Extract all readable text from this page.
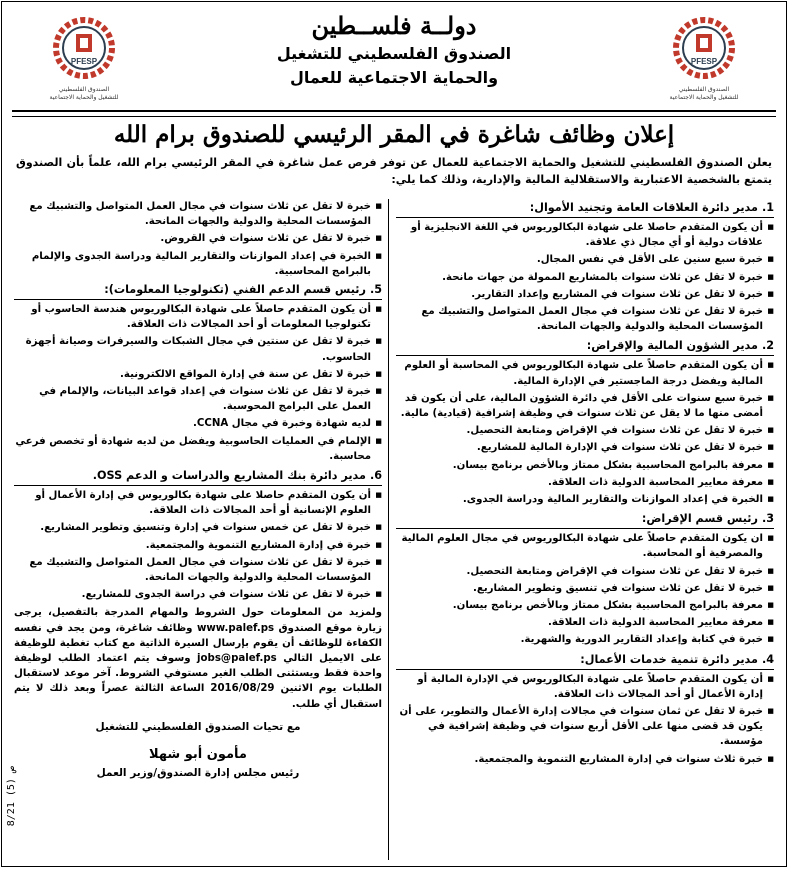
PFESP
الصندوق الفلسطيني
للتشغيل والحماية الاجتماعية
PFESP
الصندوق الفلسطيني
للتشغيل والحماية الاجتماعية
دولــة فلســطين
الصندوق الفلسطيني للتشغيل
والحماية الاجتماعية للعمال
إعلان وظائف شاغرة في المقر الرئيسي للصندوق برام الله
يعلن الصندوق الفلسطيني للتشغيل والحماية الاجتماعية للعمال عن توفر فرص عمل شاغرة في المقر الرئيسي برام الله، علماً بأن الصندوق يتمتع بالشخصية الاعتبارية والاستقلالية المالية والإدارية، وذلك كما يلي:
1.مدير دائرة العلاقات العامة وتجنيد الأموال:
■ أن يكون المتقدم حاصلا على شهادة البكالوريوس في اللغة الانجليزية أو علاقات دولية أو أي مجال ذي علاقة.
■ خبرة سبع سنين على الأقل في نفس المجال.
■ خبرة لا تقل عن ثلاث سنوات بالمشاريع الممولة من جهات مانحة.
■ خبرة لا تقل عن ثلاث سنوات في المشاريع وإعداد التقارير.
■ خبرة لا تقل عن ثلاث سنوات في مجال العمل المتواصل والتشبيك مع المؤسسات المحلية والدولية والجهات المانحة.
2.مدير الشؤون المالية والإقراض:
■ أن يكون المتقدم حاصلاً على شهادة البكالوريوس في المحاسبة أو العلوم المالية ويفضل درجة الماجستير في الإدارة المالية.
■ خبرة سبع سنوات على الأقل في دائرة الشؤون المالية، على أن يكون قد أمضى منها ما لا يقل عن ثلاث سنوات في وظيفة إشرافية (قيادية) مالية.
■ خبرة لا تقل عن ثلاث سنوات في الإقراض ومتابعة التحصيل.
■ خبرة لا تقل عن ثلاث سنوات في الإدارة المالية للمشاريع.
■ معرفة بالبرامج المحاسبية بشكل ممتاز وبالأخص برنامج بيسان.
■ معرفة معايير المحاسبة الدولية ذات العلاقة.
■ الخبرة في إعداد الموازنات والتقارير المالية ودراسة الجدوى.
3.رئيس قسم الإقراض:
■ ان يكون المتقدم حاصلاً على شهادة البكالوريوس في مجال العلوم المالية والمصرفية أو المحاسبة.
■ خبرة لا تقل عن ثلاث سنوات في الإقراض ومتابعة التحصيل.
■ خبرة لا تقل عن ثلاث سنوات في تنسيق وتطوير المشاريع.
■ معرفة بالبرامج المحاسبية بشكل ممتاز وبالأخص برنامج بيسان.
■ معرفة معايير المحاسبة الدولية ذات العلاقة.
■ خبرة في كتابة وإعداد التقارير الدورية والشهرية.
4.مدير دائرة تنمية خدمات الأعمال:
■ أن يكون المتقدم حاصلاً على شهادة البكالوريوس في الإدارة المالية أو إدارة الأعمال أو أحد المجالات ذات العلاقة.
■ خبرة لا تقل عن ثمان سنوات في مجالات إدارة الأعمال والتطوير، على أن يكون قد قضى منها على الأقل أربع سنوات في وظيفة إشرافية في مؤسسة.
■ خبرة ثلاث سنوات في إدارة المشاريع التنموية والمجتمعية.
■ خبرة لا تقل عن ثلاث سنوات في مجال العمل المتواصل والتشبيك مع المؤسسات المحلية والدولية والجهات المانحة.
■ خبرة لا تقل عن ثلاث سنوات في القروض.
■ الخبرة في إعداد الموازنات والتقارير المالية ودراسة الجدوى والإلمام بالبرامج المحاسبية.
5.رئيس قسم الدعم الفني (تكنولوجيا المعلومات):
■ أن يكون المتقدم حاصلاً على شهادة البكالوريوس هندسة الحاسوب أو تكنولوجيا المعلومات أو أحد المجالات ذات العلاقة.
■ خبرة لا تقل عن سنتين في مجال الشبكات والسيرفرات وصيانة أجهزة الحاسوب.
■ خبرة لا تقل عن سنة في إدارة المواقع الالكترونية.
■ خبرة لا تقل عن ثلاث سنوات في إعداد قواعد البيانات، والإلمام في العمل على البرامج المحوسبة.
■ لديه شهادة وخبرة في مجال CCNA.
■ الإلمام في العمليات الحاسوبية ويفضل من لديه شهادة أو تخصص فرعي محاسبة.
6.مدير دائرة بنك المشاريع والدراسات و الدعم OSS.
■ أن يكون المتقدم حاصلا على شهادة بكالوريوس في إدارة الأعمال أو العلوم الإنسانية أو أحد المجالات ذات العلاقة.
■ خبرة لا تقل عن خمس سنوات في إدارة وتنسيق وتطوير المشاريع.
■ خبرة في إدارة المشاريع التنموية والمجتمعية.
■ خبرة لا تقل عن ثلاث سنوات في مجال العمل المتواصل والتشبيك مع المؤسسات المحلية والدولية والجهات المانحة.
■ خبرة لا تقل عن ثلاث سنوات في دراسة الجدوى للمشاريع.
ولمزيد من المعلومات حول الشروط والمهام المدرجة بالتفصيل، يرجى زيارة موقع الصندوق www.palef.ps وظائف شاغرة، ومن يجد في نفسه الكفاءة للوظائف أن يقوم بإرسال السيرة الذاتية مع كتاب تغطية للوظيفة على الايميل التالي jobs@palef.ps وسوف يتم اعتماد الطلب لوظيفة واحدة فقط ويستثنى الطلب الغير مستوفي الشروط. آخر موعد لاستقبال الطلبات يوم الاثنين 2016/08/29 الساعة الثالثة عصراً وبعد ذلك لا يتم استقبال أي طلب.
مع تحيات الصندوق الفلسطيني للتشغيل
مأمون أبو شهلا
رئيس مجلس إدارة الصندوق/وزير العمل
ص (5) 8/21
